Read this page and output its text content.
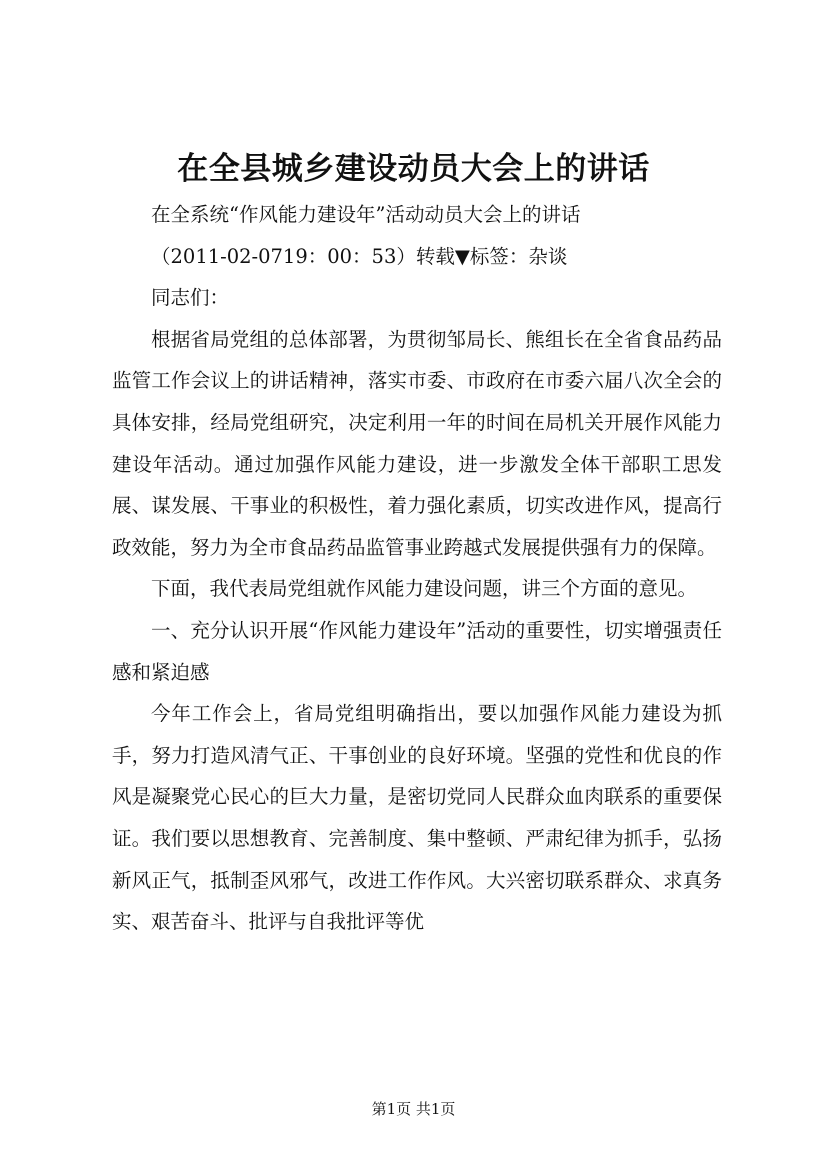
在全县城乡建设动员大会上的讲话

在全系统“作风能力建设年”活动动员大会上的讲话

（2011-02-0719：00：53）转载▼标签：杂谈

同志们：

根据省局党组的总体部署，为贯彻邹局长、熊组长在全省食品药品监管工作会议上的讲话精神，落实市委、市政府在市委六届八次全会的具体安排，经局党组研究，决定利用一年的时间在局机关开展作风能力建设年活动。通过加强作风能力建设，进一步激发全体干部职工思发展、谋发展、干事业的积极性，着力强化素质，切实改进作风，提高行政效能，努力为全市食品药品监管事业跨越式发展提供强有力的保障。

下面，我代表局党组就作风能力建设问题，讲三个方面的意见。

一、充分认识开展“作风能力建设年”活动的重要性，切实增强责任感和紧迫感

今年工作会上，省局党组明确指出，要以加强作风能力建设为抓手，努力打造风清气正、干事创业的良好环境。坚强的党性和优良的作风是凝聚党心民心的巨大力量，是密切党同人民群众血肉联系的重要保证。我们要以思想教育、完善制度、集中整顿、严肃纪律为抓手，弘扬新风正气，抵制歪风邪气，改进工作作风。大兴密切联系群众、求真务实、艰苦奋斗、批评与自我批评等优

第1页 共1页
